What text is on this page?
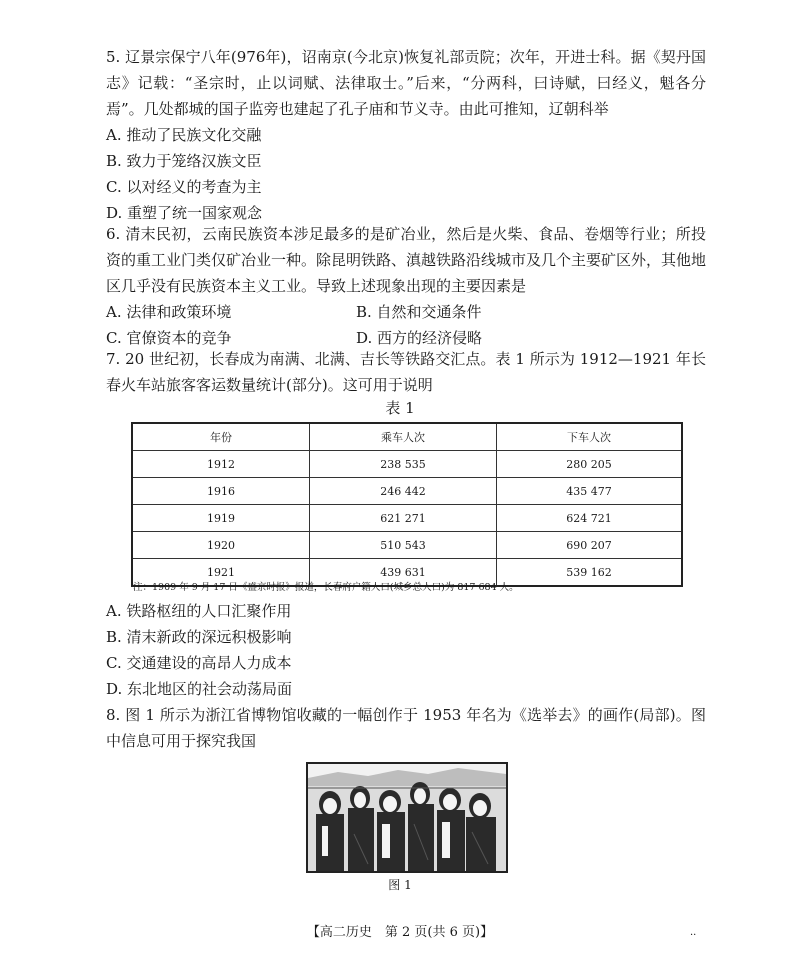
5. 辽景宗保宁八年(976年)，诏南京(今北京)恢复礼部贡院；次年，开进士科。据《契丹国志》记载：“圣宗时，止以词赋、法律取士。”后来，“分两科，曰诗赋，曰经义，魁各分焉”。几处都城的国子监旁也建起了孔子庙和节义寺。由此可推知，辽朝科举

A. 推动了民族文化交融

B. 致力于笼络汉族文臣

C. 以对经义的考查为主

D. 重塑了统一国家观念

6. 清末民初，云南民族资本涉足最多的是矿冶业，然后是火柴、食品、卷烟等行业；所投资的重工业门类仅矿冶业一种。除昆明铁路、滇越铁路沿线城市及几个主要矿区外，其他地区几乎没有民族资本主义工业。导致上述现象出现的主要因素是

A. 法律和政策环境	B. 自然和交通条件

C. 官僚资本的竞争	D. 西方的经济侵略

7. 20 世纪初，长春成为南满、北满、吉长等铁路交汇点。表 1 所示为 1912—1921 年长春火车站旅客客运数量统计(部分)。这可用于说明

表 1
年份	乘车人次	下车人次
1912	238 535	280 205
1916	246 442	435 477
1919	621 271	624 721
1920	510 543	690 207
1921	439 631	539 162
注：1909 年 9 月 17 日《盛京时报》报道，长春府户籍人口(城乡总人口)为 817 684 人。

A. 铁路枢纽的人口汇聚作用

B. 清末新政的深远积极影响

C. 交通建设的高昂人力成本

D. 东北地区的社会动荡局面

8. 图 1 所示为浙江省博物馆收藏的一幅创作于 1953 年名为《选举去》的画作(局部)。图中信息可用于探究我国

图 1
【高二历史　第 2 页(共 6 页)】	··
